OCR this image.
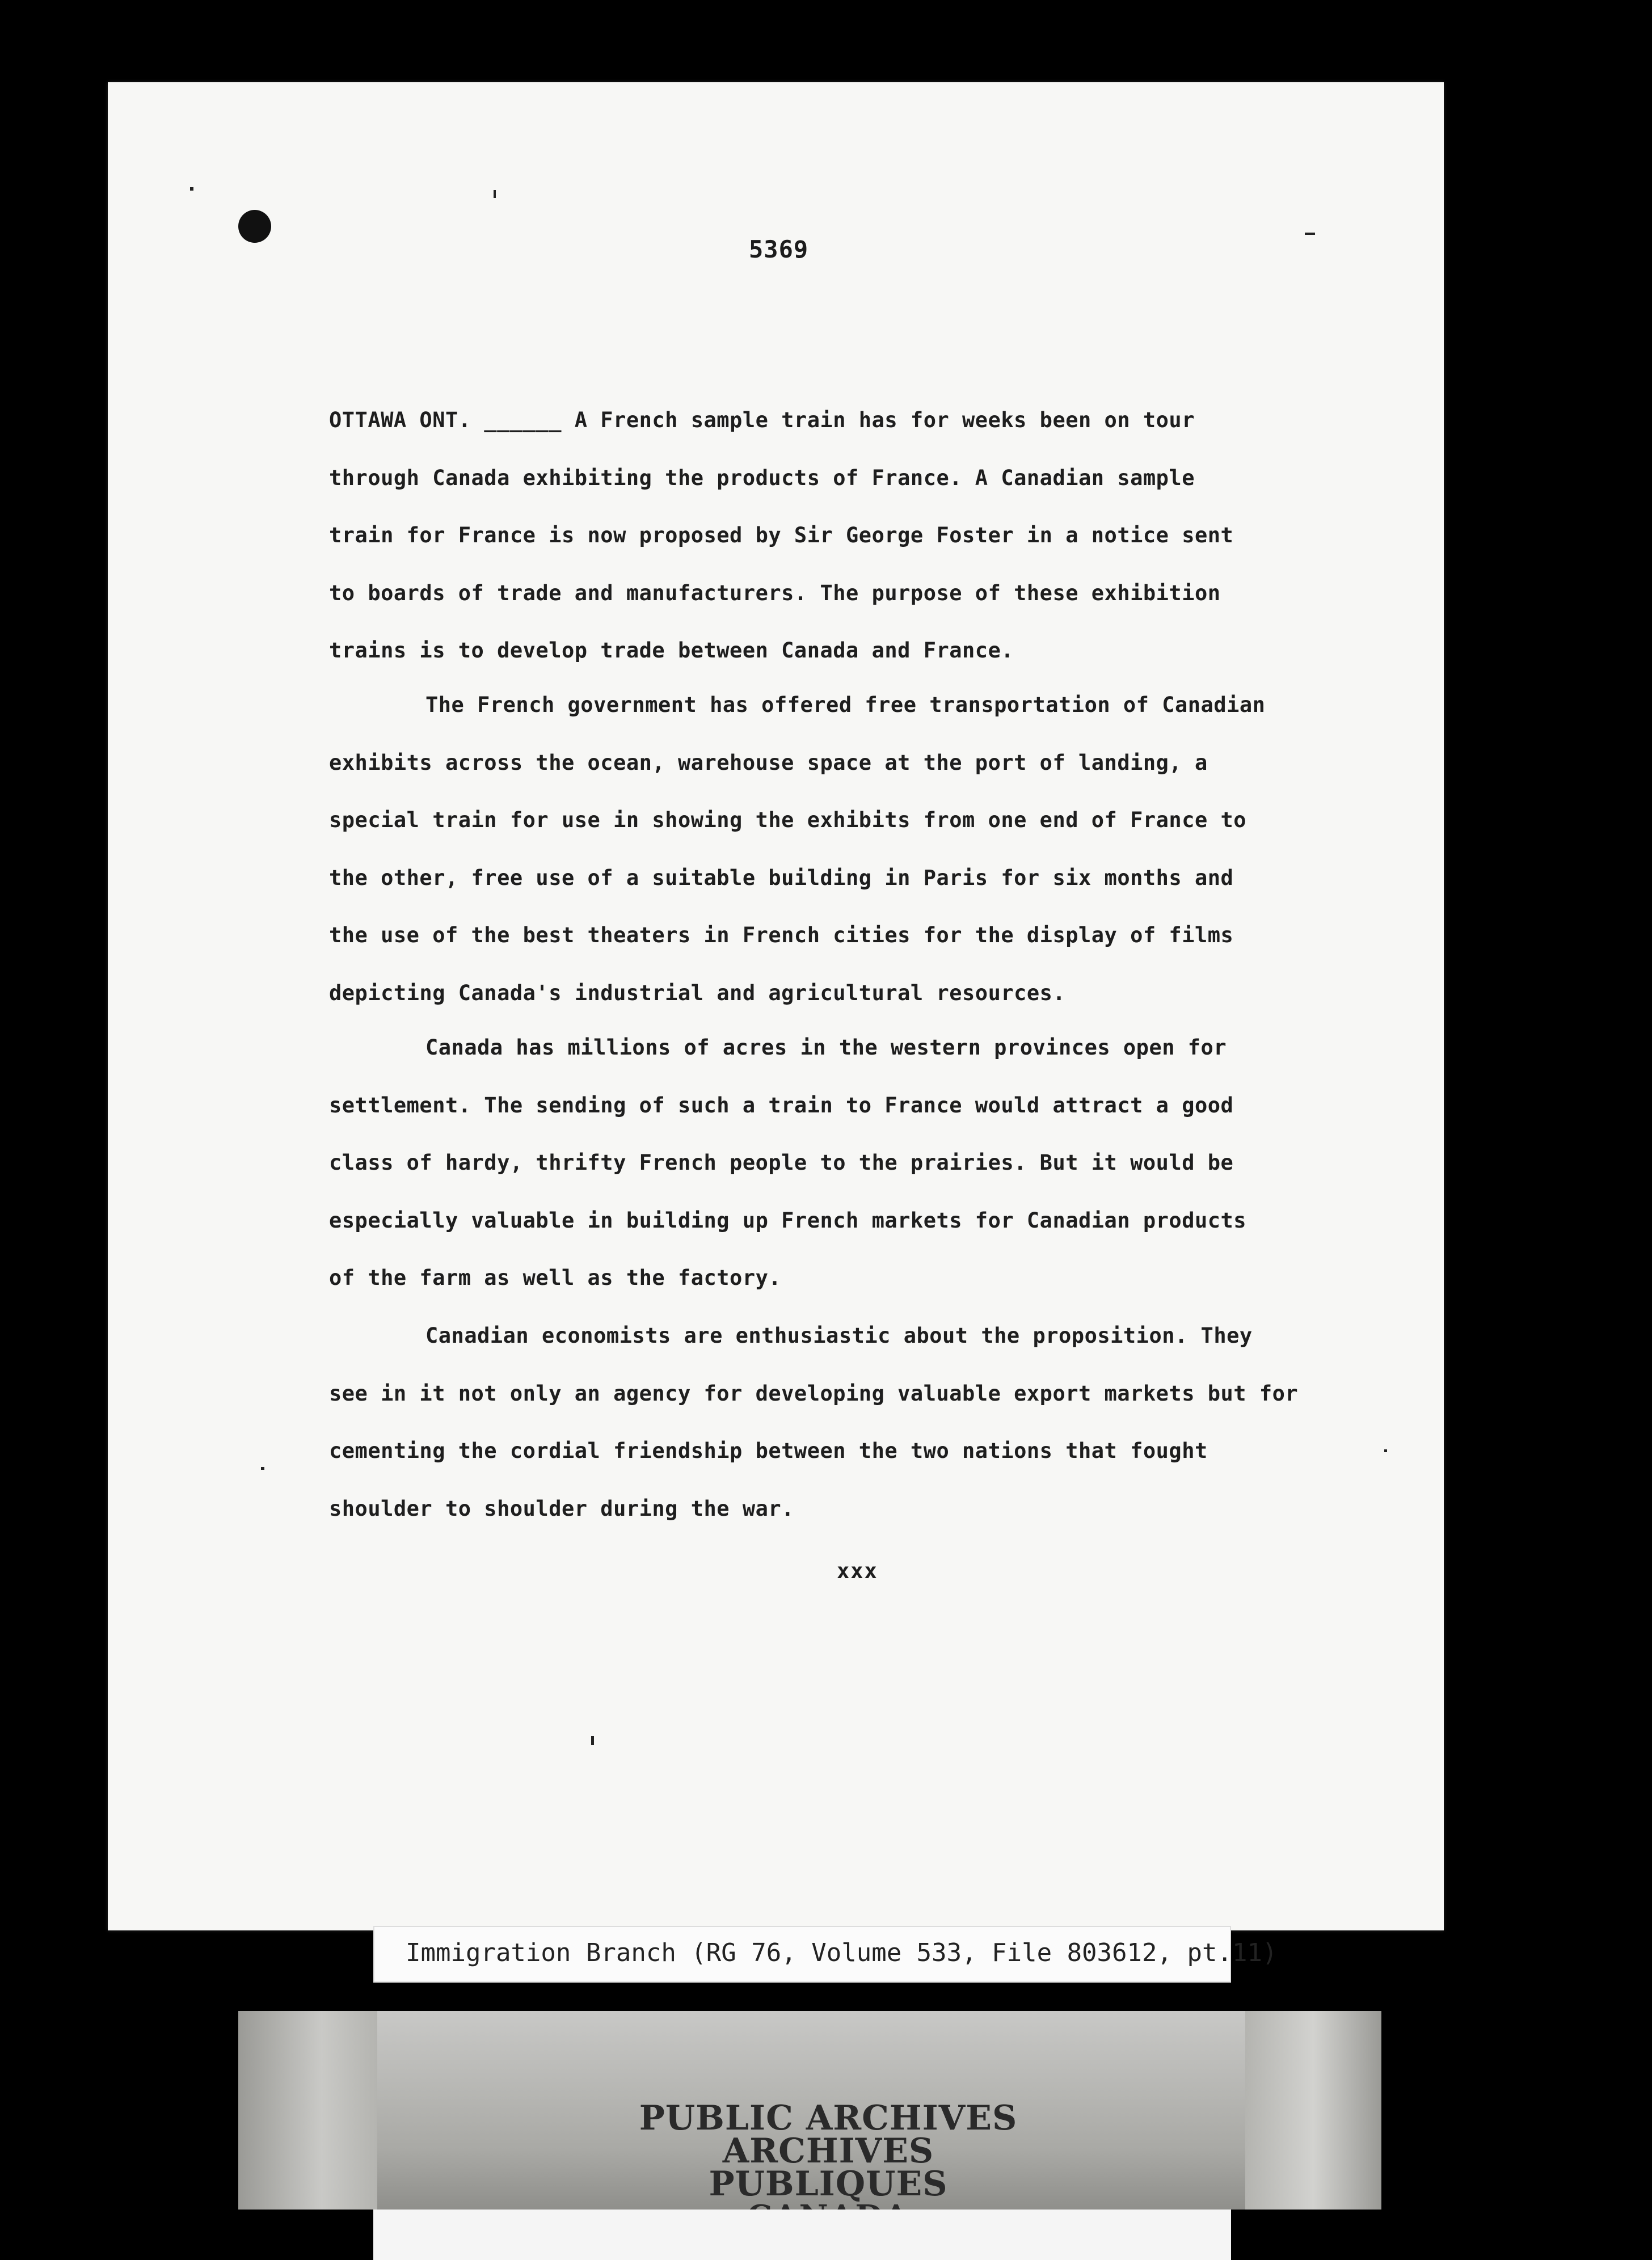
5369

OTTAWA ONT. ______ A French sample train has for weeks been on tour
through Canada exhibiting the products of France. A Canadian sample
train for France is now proposed by Sir George Foster in a notice sent
to boards of trade and manufacturers. The purpose of these exhibition
trains is to develop trade between Canada and France.

The French government has offered free transportation of Canadian
exhibits across the ocean, warehouse space at the port of landing, a
special train for use in showing the exhibits from one end of France to
the other, free use of a suitable building in Paris for six months and
the use of the best theaters in French cities for the display of films
depicting Canada's industrial and agricultural resources.

Canada has millions of acres in the western provinces open for
settlement. The sending of such a train to France would attract a good
class of hardy, thrifty French people to the prairies. But it would be
especially valuable in building up French markets for Canadian products
of the farm as well as the factory.

Canadian economists are enthusiastic about the proposition. They
see in it not only an agency for developing valuable export markets but for
cementing the cordial friendship between the two nations that fought
shoulder to shoulder during the war.

xxx
Immigration Branch (RG 76, Volume 533, File 803612, pt.11)
PUBLIC ARCHIVES
ARCHIVES PUBLIQUES
